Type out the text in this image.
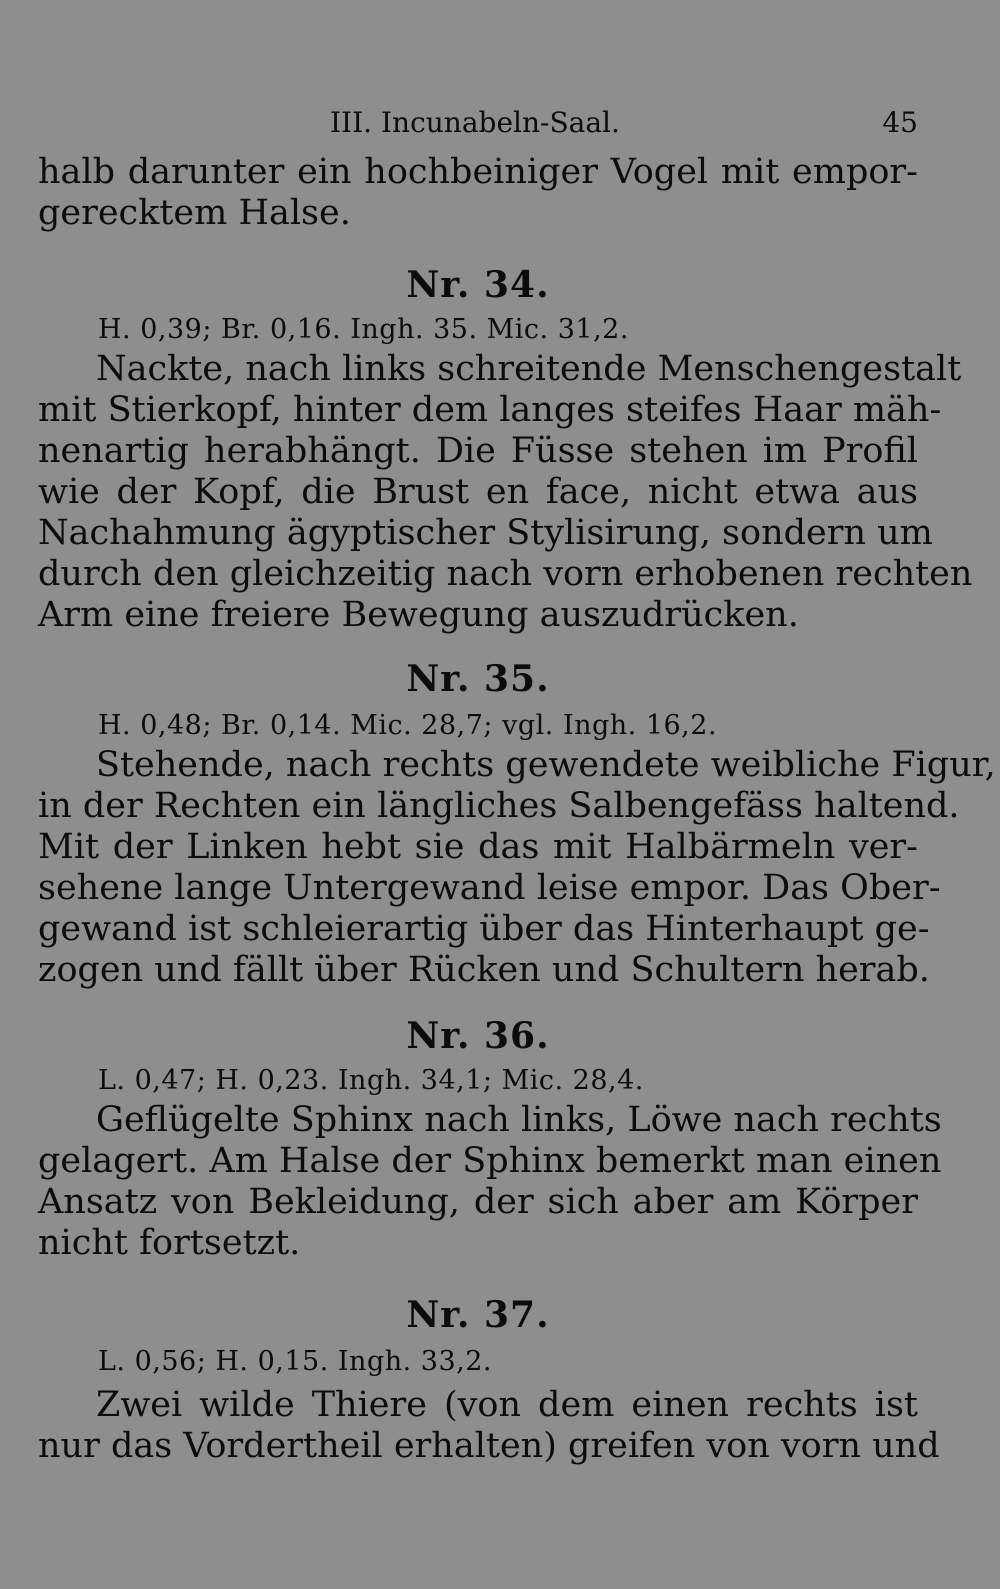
III. Incunabeln-Saal.	45

halb darunter ein hochbeiniger Vogel mit empor-
gerecktem Halse.

Nr. 34.

H. 0,39; Br. 0,16. Ingh. 35. Mic. 31,2.

Nackte, nach links schreitende Menschengestalt
mit Stierkopf, hinter dem langes steifes Haar mäh-
nenartig herabhängt. Die Füsse stehen im Profil
wie der Kopf, die Brust en face, nicht etwa aus
Nachahmung ägyptischer Stylisirung, sondern um
durch den gleichzeitig nach vorn erhobenen rechten
Arm eine freiere Bewegung auszudrücken.

Nr. 35.

H. 0,48; Br. 0,14. Mic. 28,7; vgl. Ingh. 16,2.

Stehende, nach rechts gewendete weibliche Figur,
in der Rechten ein längliches Salbengefäss haltend.
Mit der Linken hebt sie das mit Halbärmeln ver-
sehene lange Untergewand leise empor. Das Ober-
gewand ist schleierartig über das Hinterhaupt ge-
zogen und fällt über Rücken und Schultern herab.

Nr. 36.

L. 0,47; H. 0,23. Ingh. 34,1; Mic. 28,4.

Geflügelte Sphinx nach links, Löwe nach rechts
gelagert. Am Halse der Sphinx bemerkt man einen
Ansatz von Bekleidung, der sich aber am Körper
nicht fortsetzt.

Nr. 37.

L. 0,56; H. 0,15. Ingh. 33,2.

Zwei wilde Thiere (von dem einen rechts ist
nur das Vordertheil erhalten) greifen von vorn und
